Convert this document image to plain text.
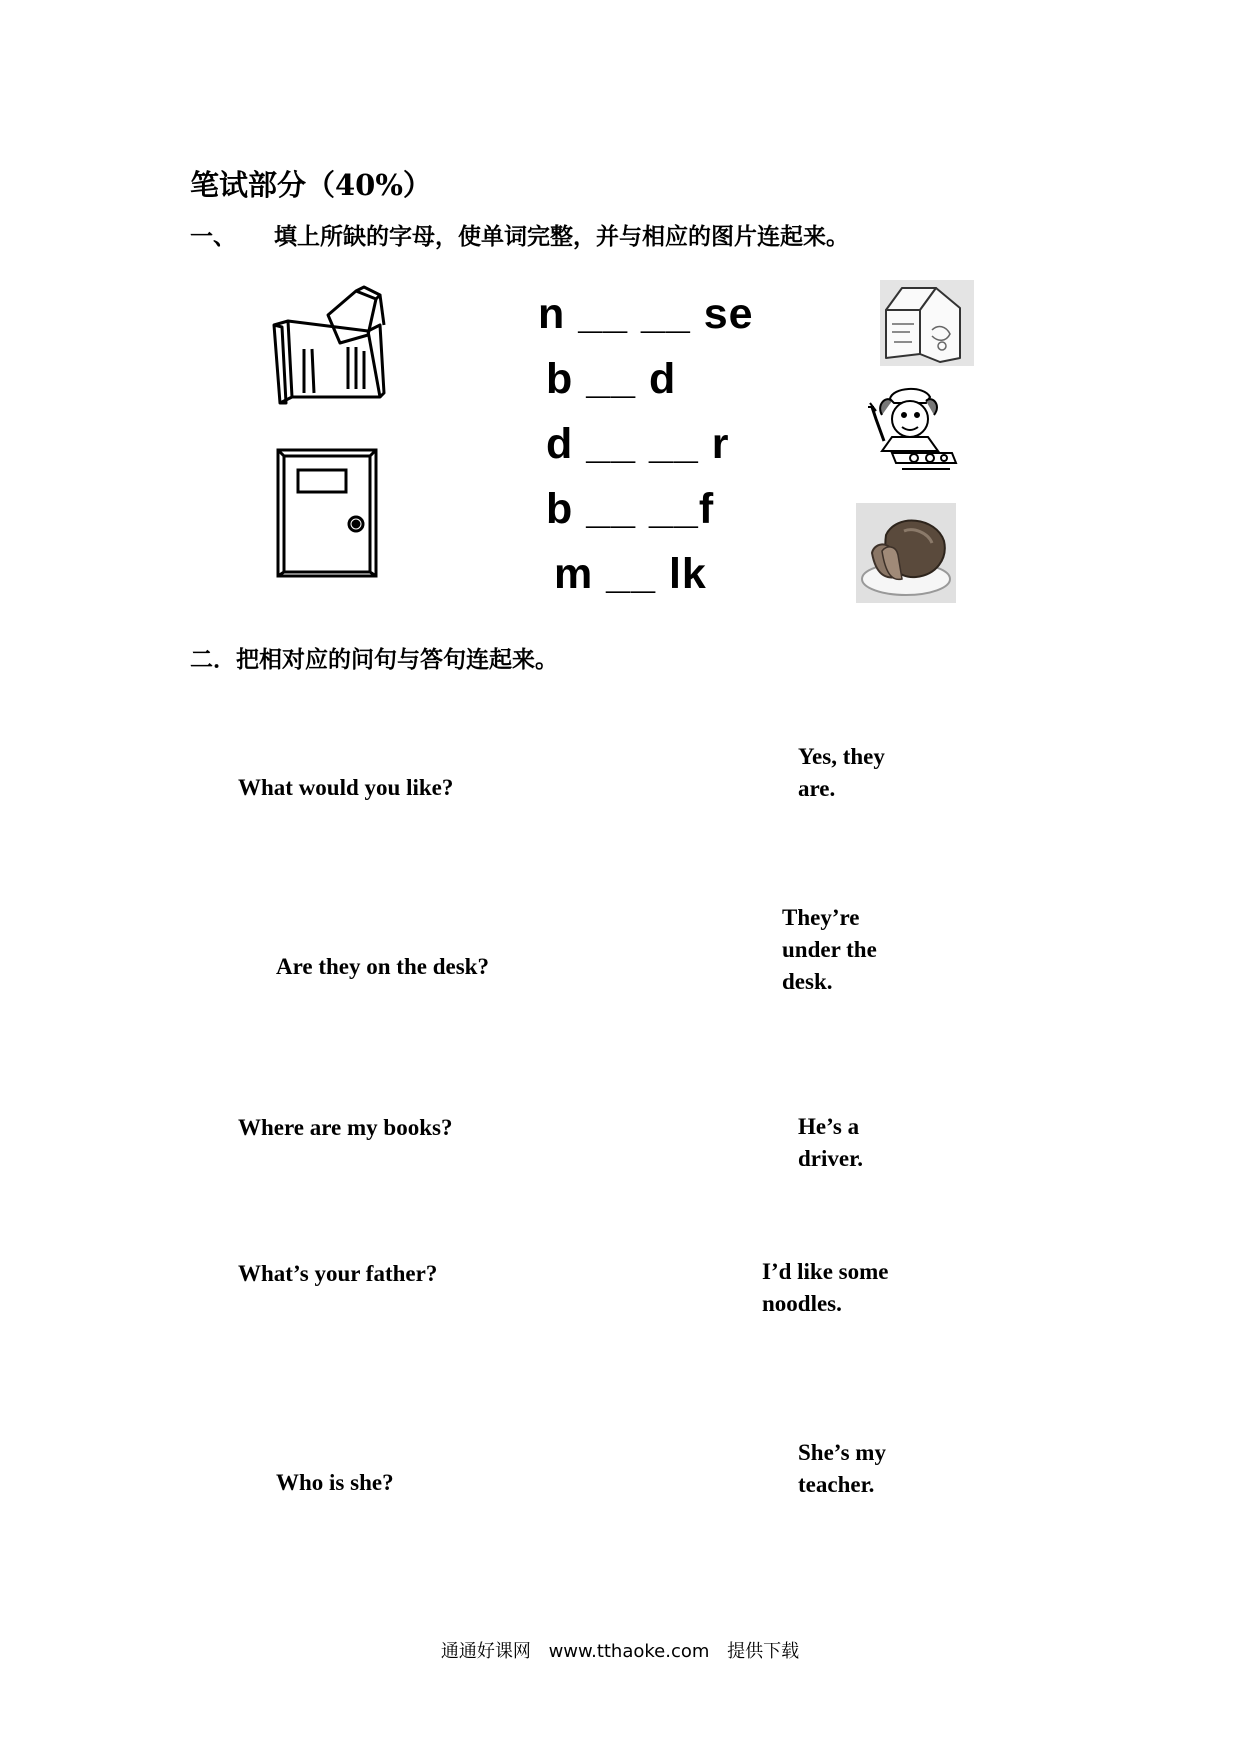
笔试部分（40%）
一、 填上所缺的字母，使单词完整，并与相应的图片连起来。
n __ __ se
b __ d
d __ __ r
b __ __f
m __ lk
二．把相对应的问句与答句连起来。
What would you like?
Are they on the desk?
Where are my books?
What’s your father?
Who is she?
Yes, they are.
They’re under the desk.
He’s a driver.
I’d like some noodles.
She’s my teacher.
通通好课网 www.tthaoke.com 提供下载
